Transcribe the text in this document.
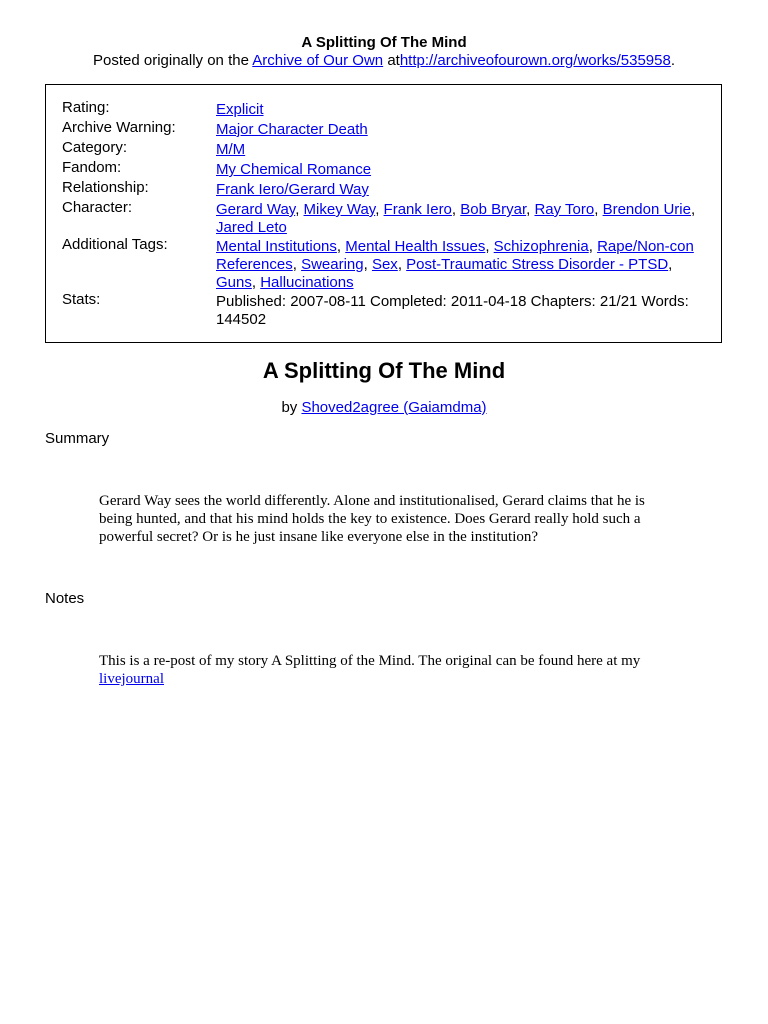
A Splitting Of The Mind
Posted originally on the Archive of Our Own athttp://archiveofourown.org/works/535958.
Rating:	Explicit
Archive Warning:	Major Character Death
Category:	M/M
Fandom:	My Chemical Romance
Relationship:	Frank Iero/Gerard Way
Character:	Gerard Way, Mikey Way, Frank Iero, Bob Bryar, Ray Toro, Brendon Urie, Jared Leto
Additional Tags:	Mental Institutions, Mental Health Issues, Schizophrenia, Rape/Non-con References, Swearing, Sex, Post-Traumatic Stress Disorder - PTSD, Guns, Hallucinations
Stats:	Published: 2007-08-11 Completed: 2011-04-18 Chapters: 21/21 Words:
144502
A Splitting Of The Mind
by Shoved2agree (Gaiamdma)
Summary
Gerard Way sees the world differently. Alone and institutionalised, Gerard claims that he is being hunted, and that his mind holds the key to existence. Does Gerard really hold such a powerful secret? Or is he just insane like everyone else in the institution?
Notes
This is a re-post of my story A Splitting of the Mind. The original can be found here at my livejournal
